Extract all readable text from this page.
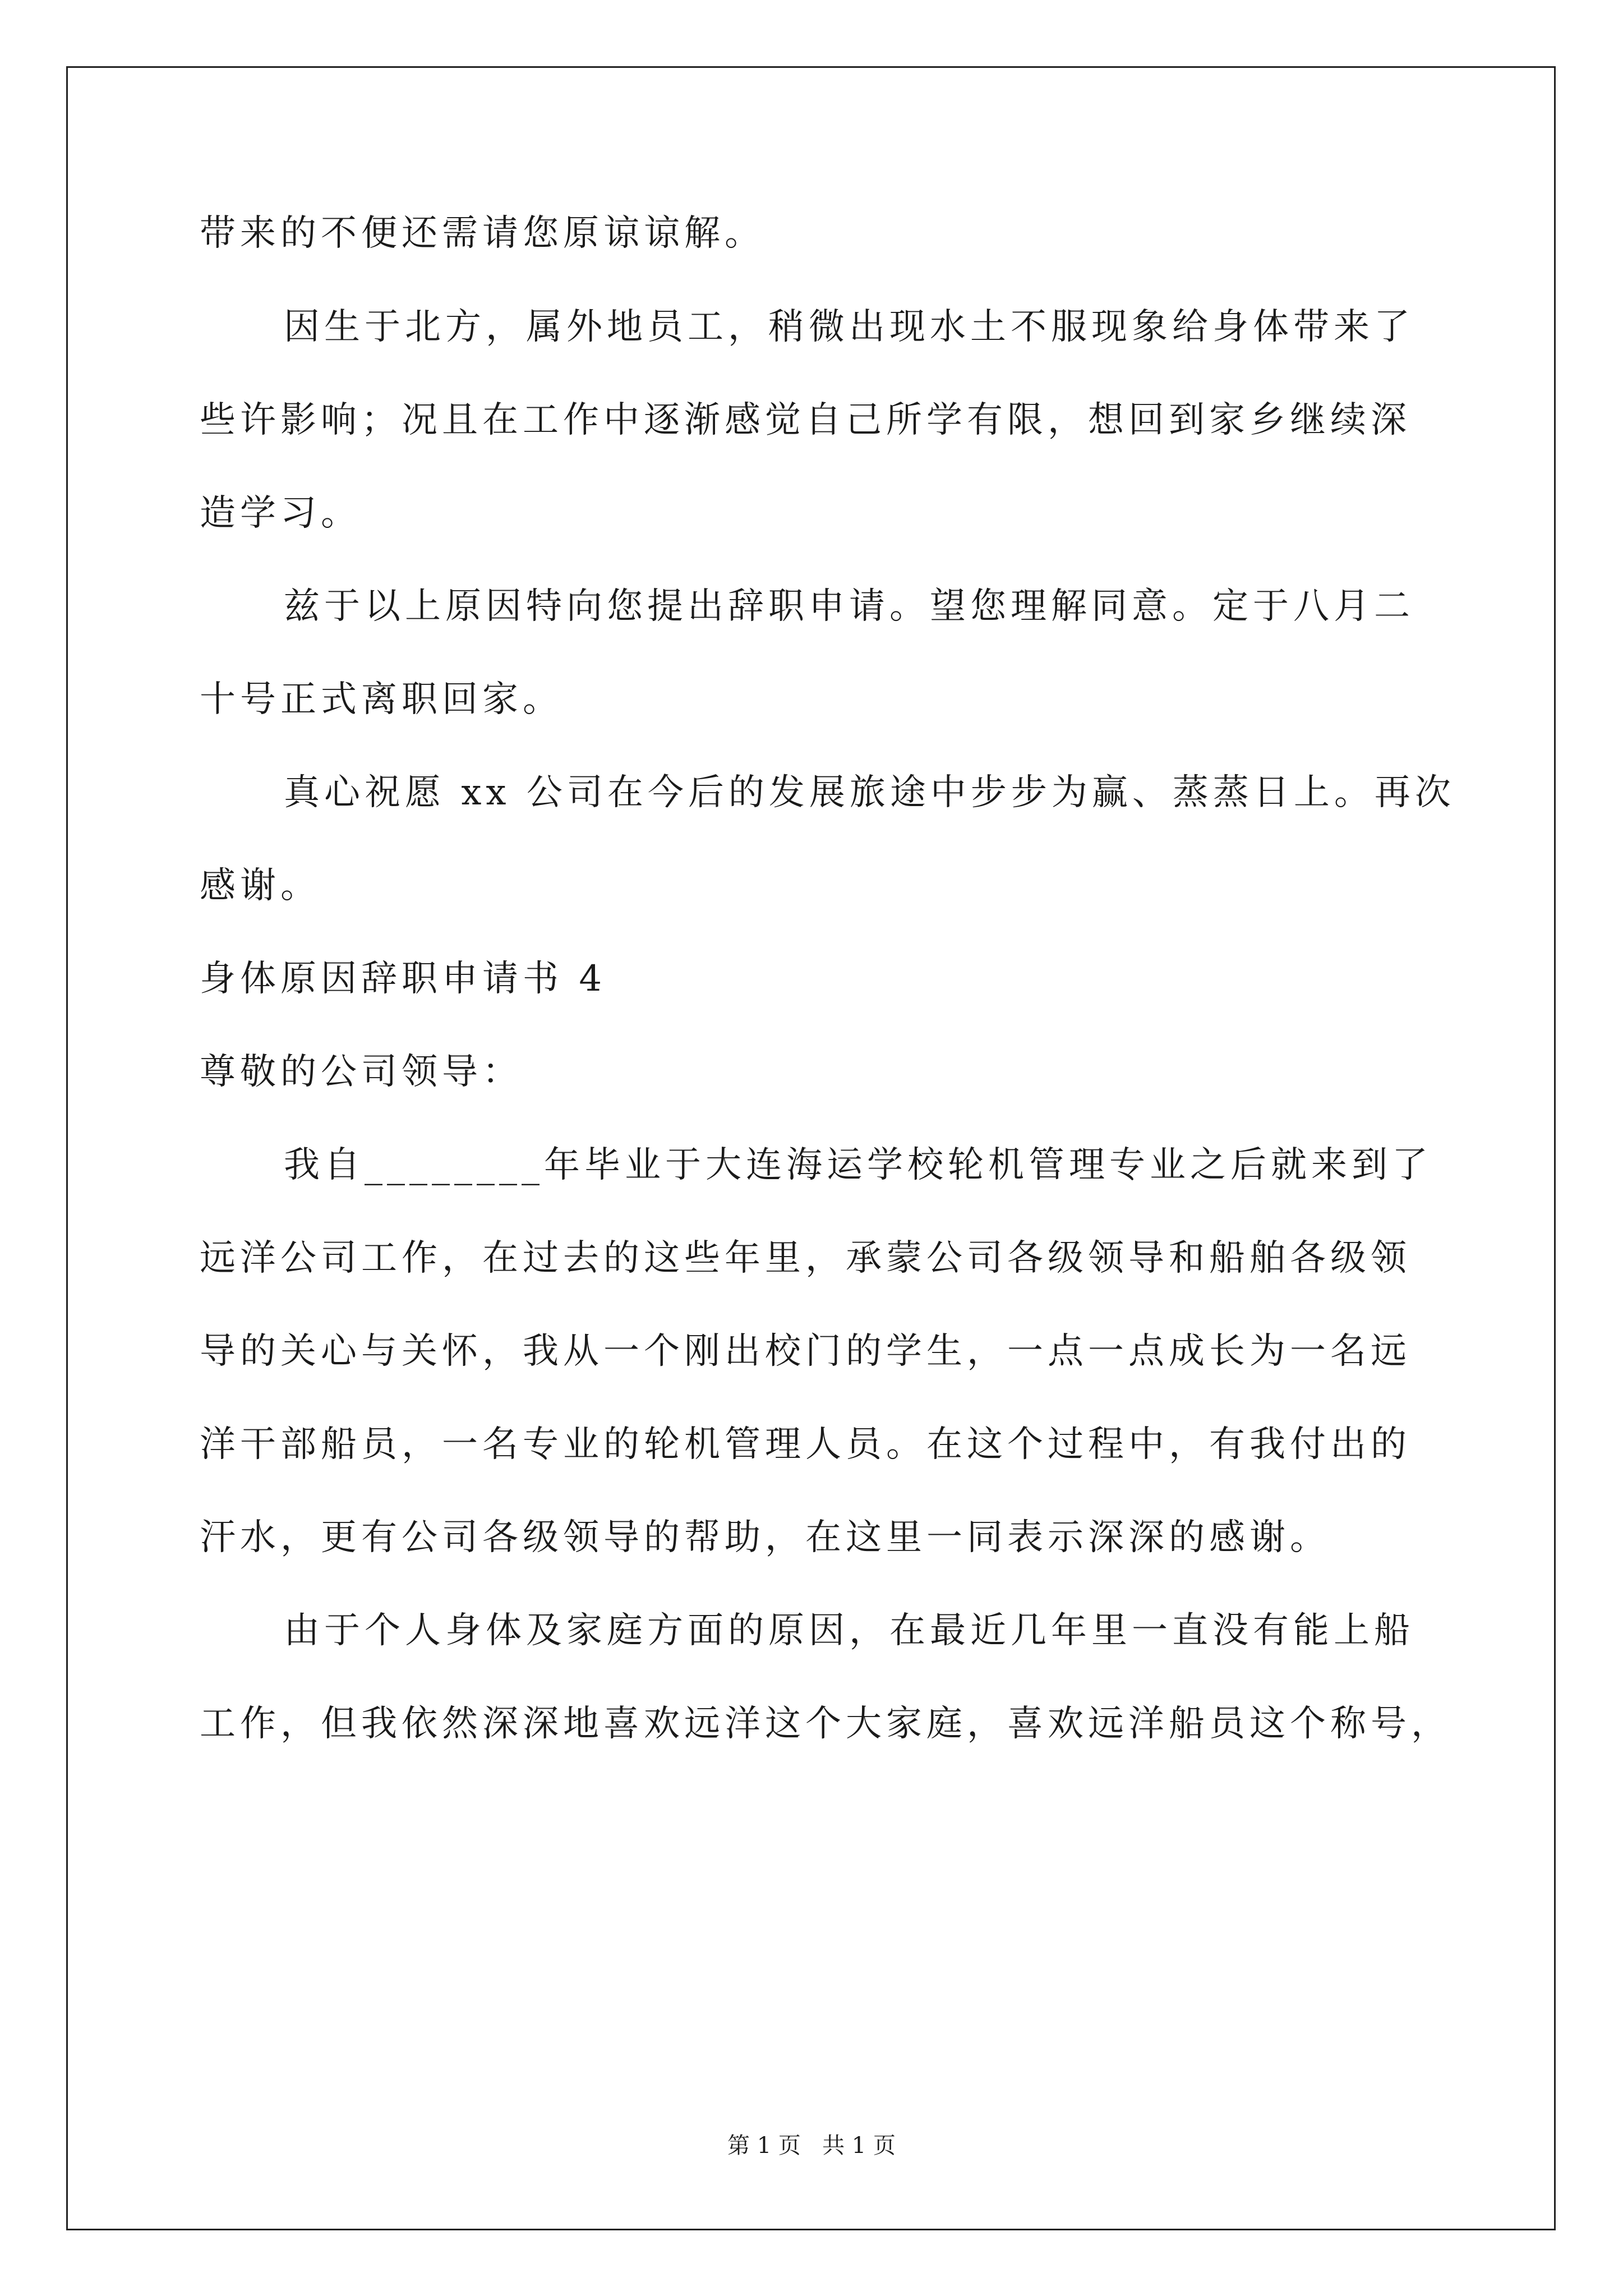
带来的不便还需请您原谅谅解。
因生于北方，属外地员工，稍微出现水土不服现象给身体带来了
些许影响；况且在工作中逐渐感觉自己所学有限，想回到家乡继续深
造学习。
兹于以上原因特向您提出辞职申请。望您理解同意。定于八月二
十号正式离职回家。
真心祝愿 xx 公司在今后的发展旅途中步步为赢、蒸蒸日上。再次
感谢。
身体原因辞职申请书 4
尊敬的公司领导：
我自________年毕业于大连海运学校轮机管理专业之后就来到了
远洋公司工作，在过去的这些年里，承蒙公司各级领导和船舶各级领
导的关心与关怀，我从一个刚出校门的学生，一点一点成长为一名远
洋干部船员，一名专业的轮机管理人员。在这个过程中，有我付出的
汗水，更有公司各级领导的帮助，在这里一同表示深深的感谢。
由于个人身体及家庭方面的原因，在最近几年里一直没有能上船
工作，但我依然深深地喜欢远洋这个大家庭，喜欢远洋船员这个称号，
第 1 页   共 1 页
